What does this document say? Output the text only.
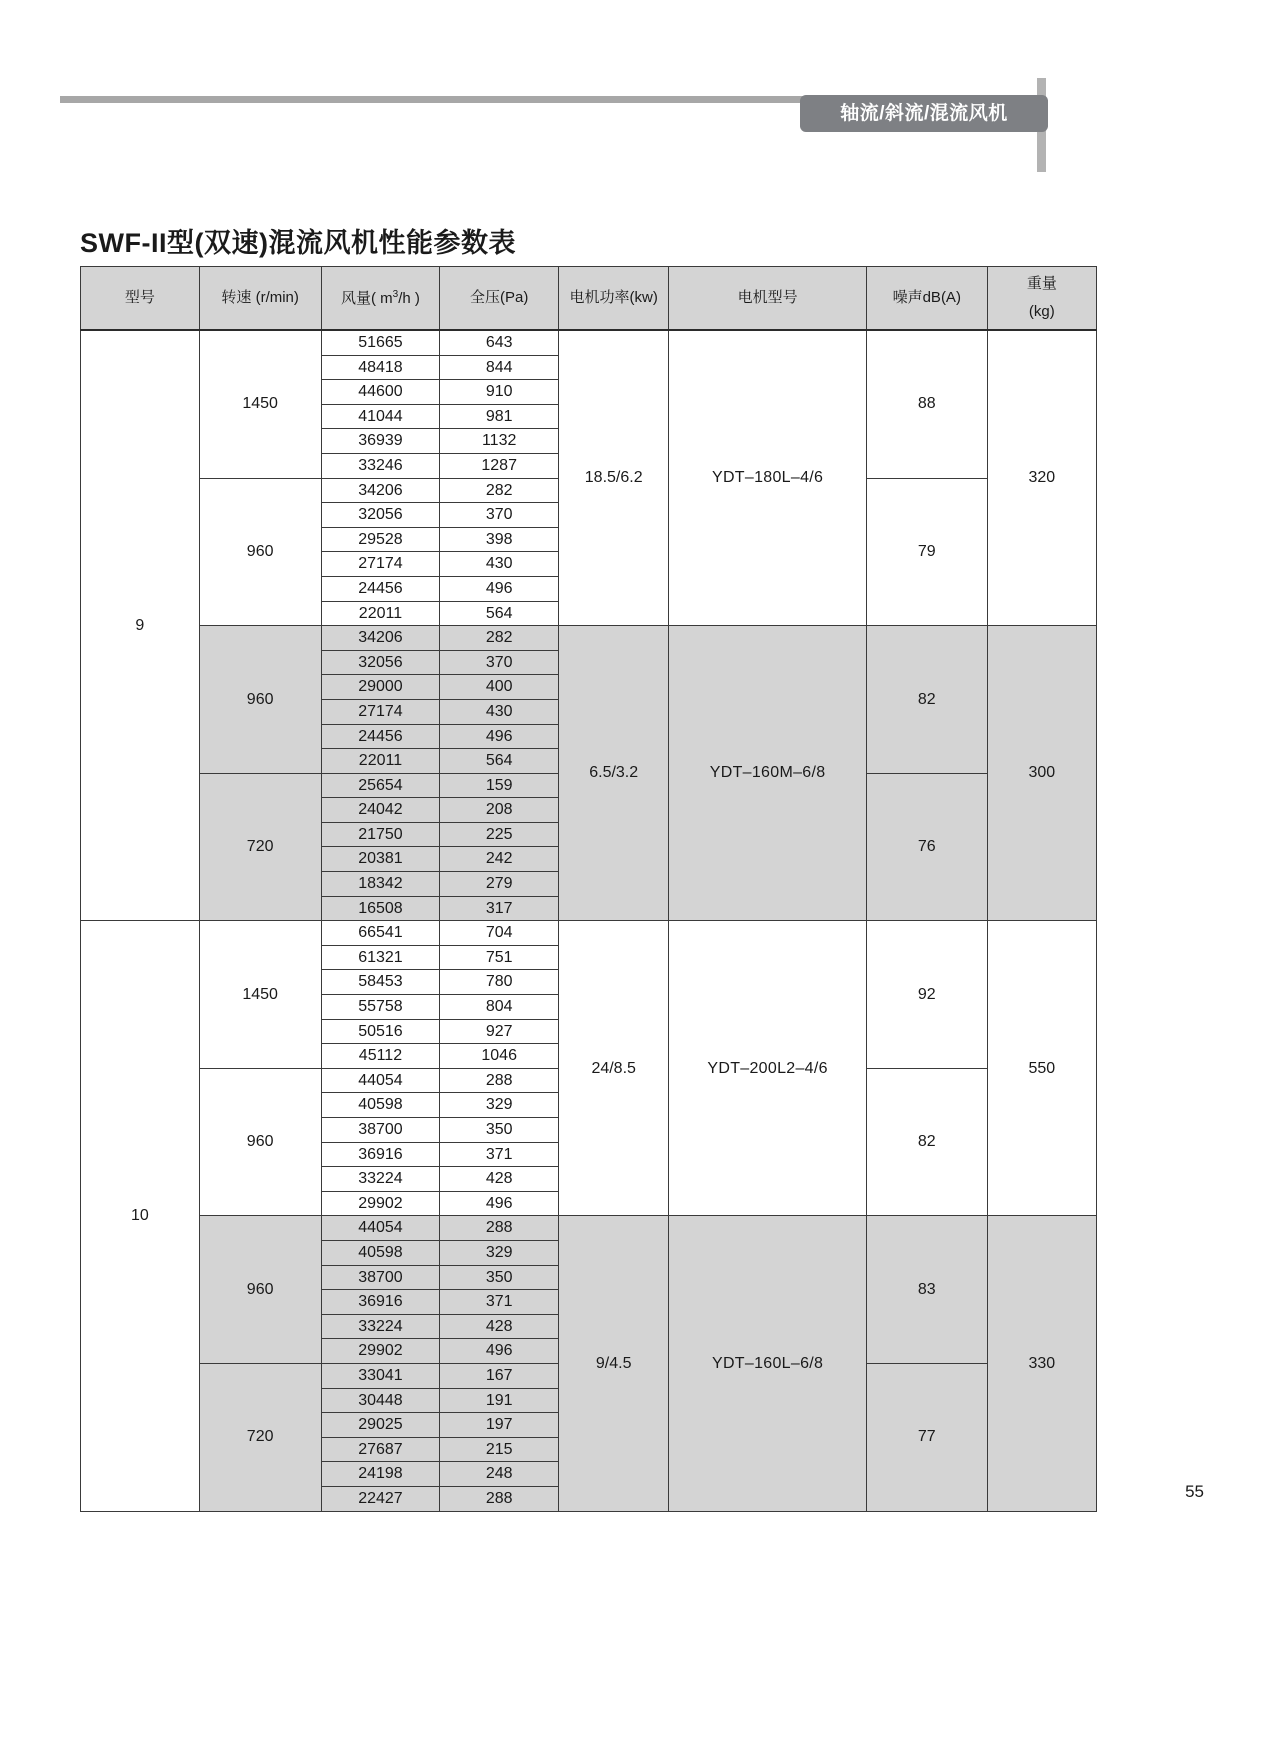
轴流/斜流/混流风机
SWF-II型(双速)混流风机性能参数表
型号	转速 (r/min)	风量( $m^3/h$ )	全压(Pa)	电机功率(kw)	电机型号	噪声dB(A)	重量
(kg)

9	1450	51665	643	18.5/6.2	YDT–180L–4/6	88	320
		48418	844				
		44600	910				
		41044	981				
		36939	1132				
		33246	1287				
	960	34206	282			79	
		32056	370				
		29528	398				
		27174	430				
		24456	496				
		22011	564				
	960	34206	282	6.5/3.2	YDT–160M–6/8	82	300
		32056	370				
		29000	400				
		27174	430				
		24456	496				
		22011	564				
	720	25654	159			76	
		24042	208				
		21750	225				
		20381	242				
		18342	279				
		16508	317				
10	1450	66541	704	24/8.5	YDT–200L2–4/6	92	550
		61321	751				
		58453	780				
		55758	804				
		50516	927				
		45112	1046				
	960	44054	288			82	
		40598	329				
		38700	350				
		36916	371				
		33224	428				
		29902	496				
	960	44054	288	9/4.5	YDT–160L–6/8	83	330
		40598	329				
		38700	350				
		36916	371				
		33224	428				
		29902	496				
	720	33041	167			77	
		30448	191				
		29025	197				
		27687	215				
		24198	248				
		22427	288					55
